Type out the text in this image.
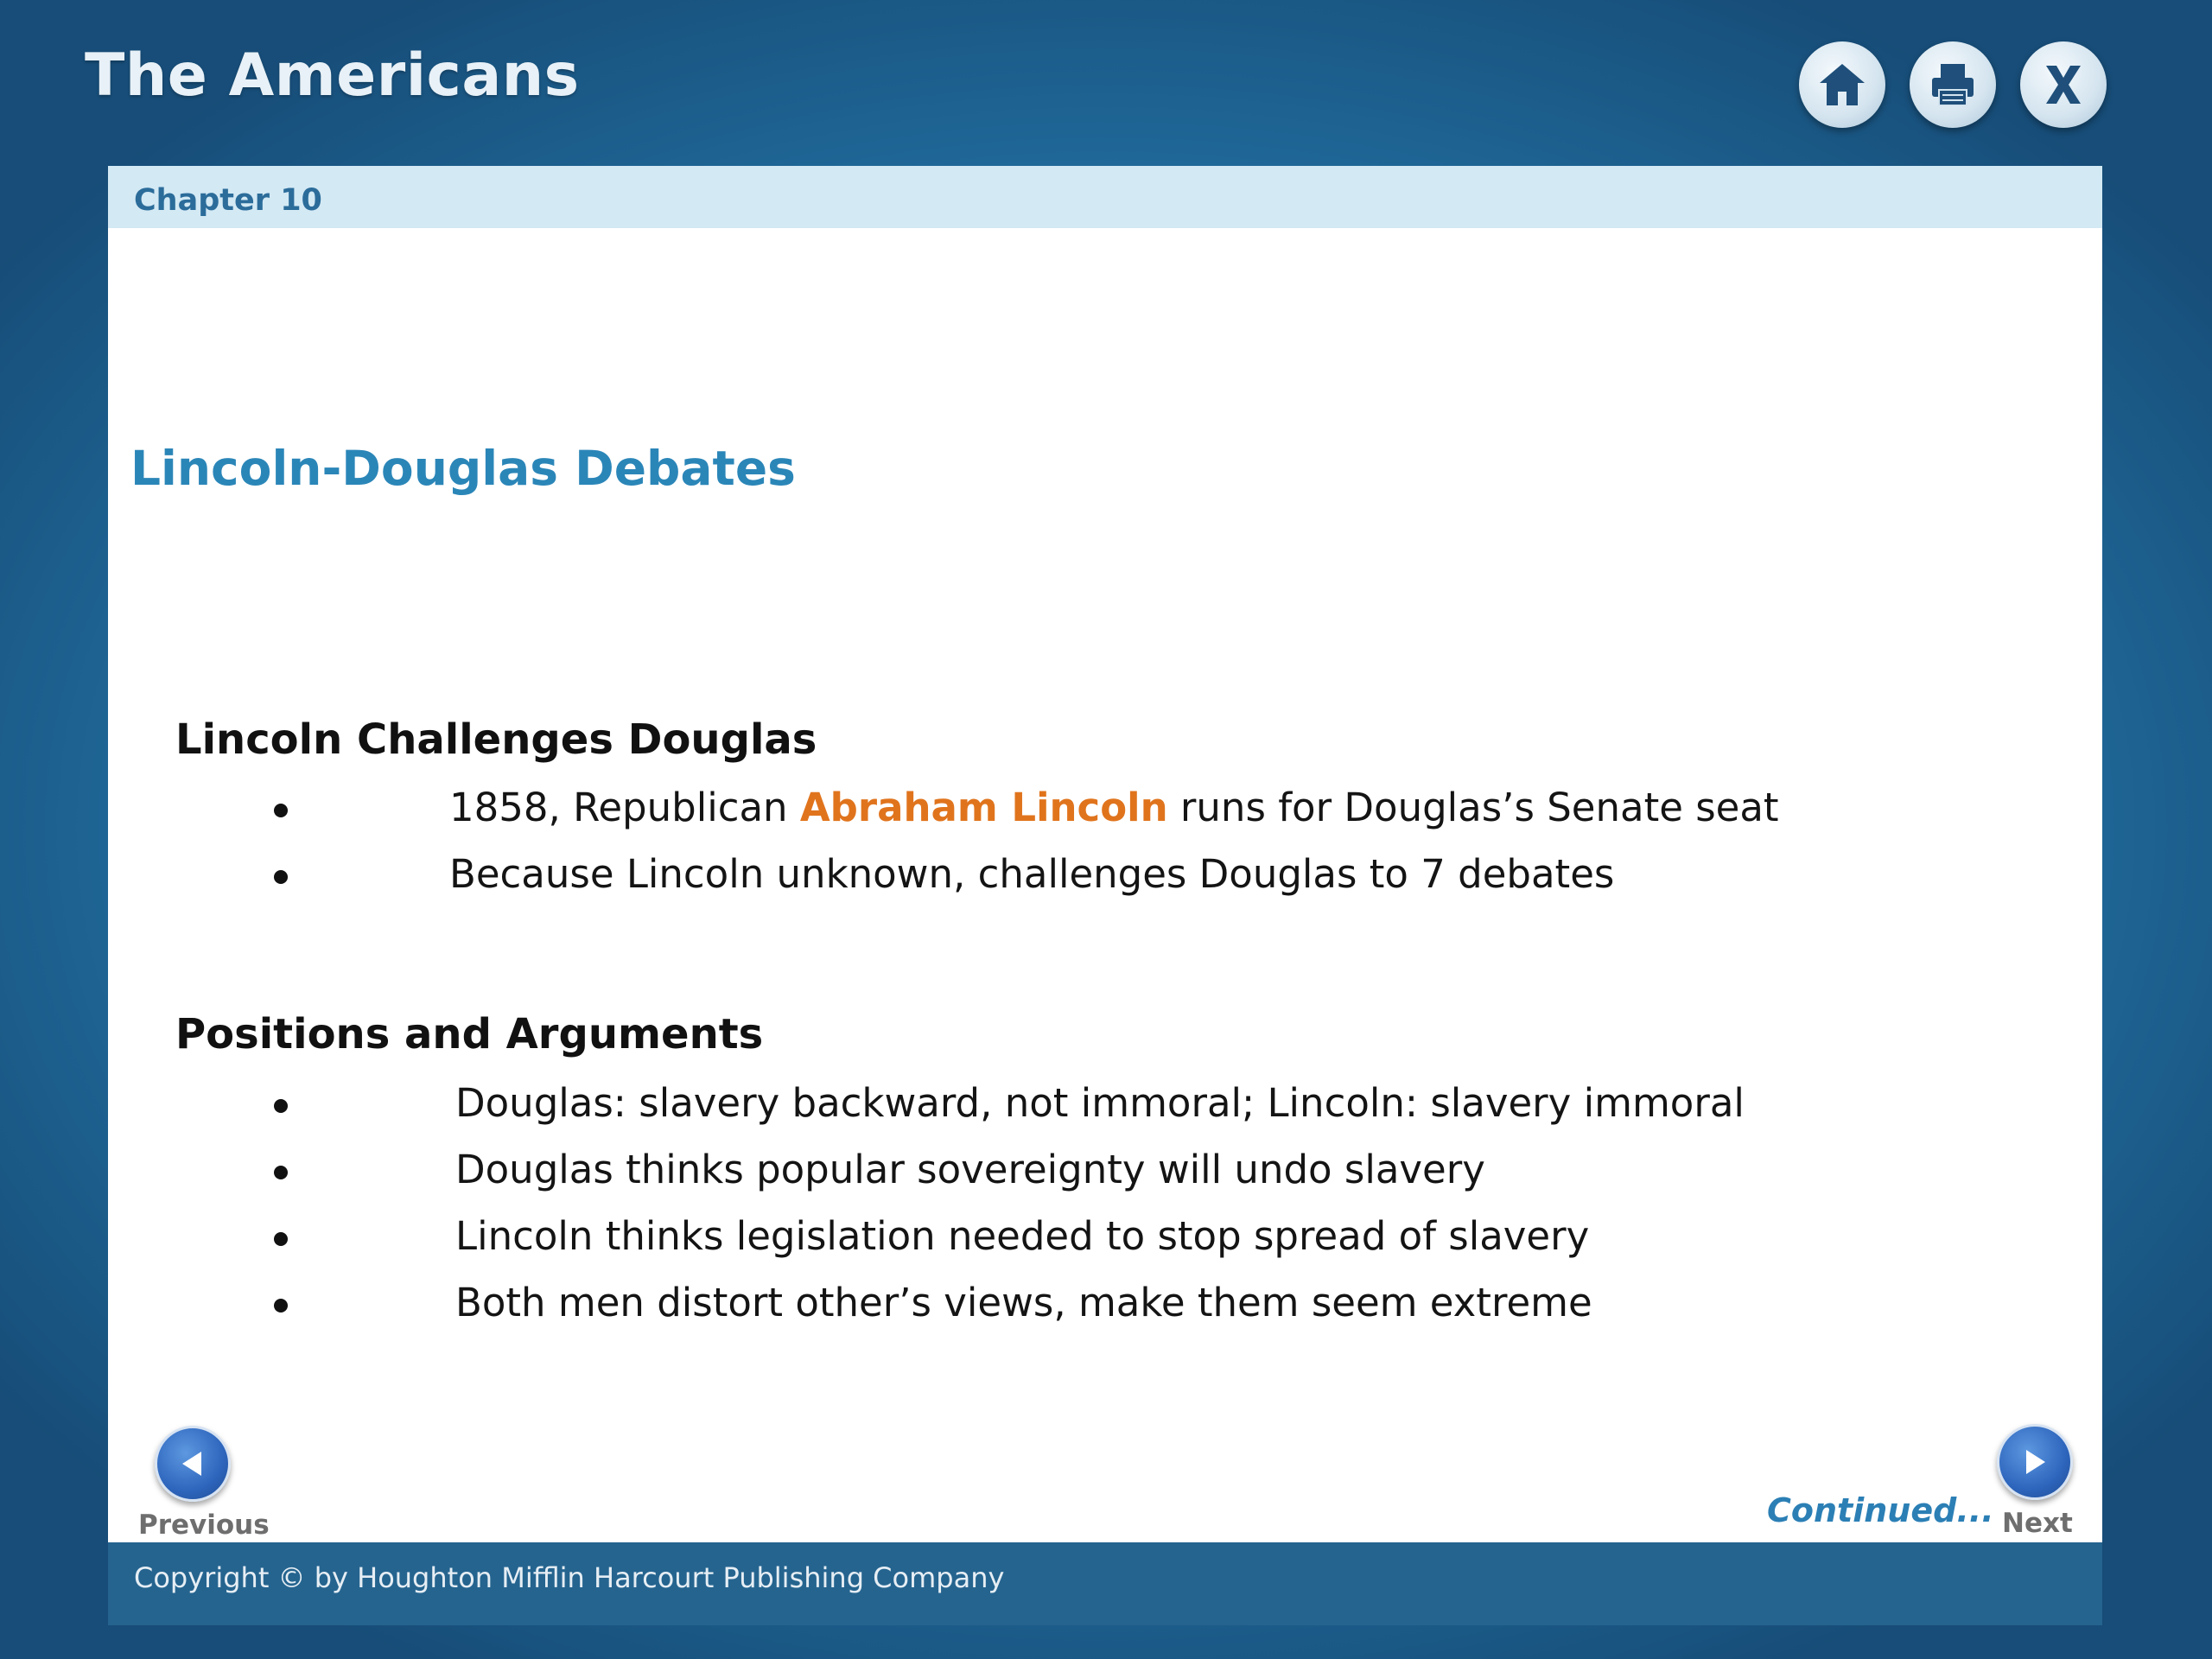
The Americans
Chapter 10
Lincoln-Douglas Debates
Lincoln Challenges Douglas
1858, Republican Abraham Lincoln runs for Douglas’s Senate seat
Because Lincoln unknown, challenges Douglas to 7 debates
Positions and Arguments
Douglas: slavery backward, not immoral; Lincoln: slavery immoral
Douglas thinks popular sovereignty will undo slavery
Lincoln thinks legislation needed to stop spread of slavery
Both men distort other’s views, make them seem extreme
Previous	Continued... Next
Copyright © by Houghton Mifflin Harcourt Publishing Company
